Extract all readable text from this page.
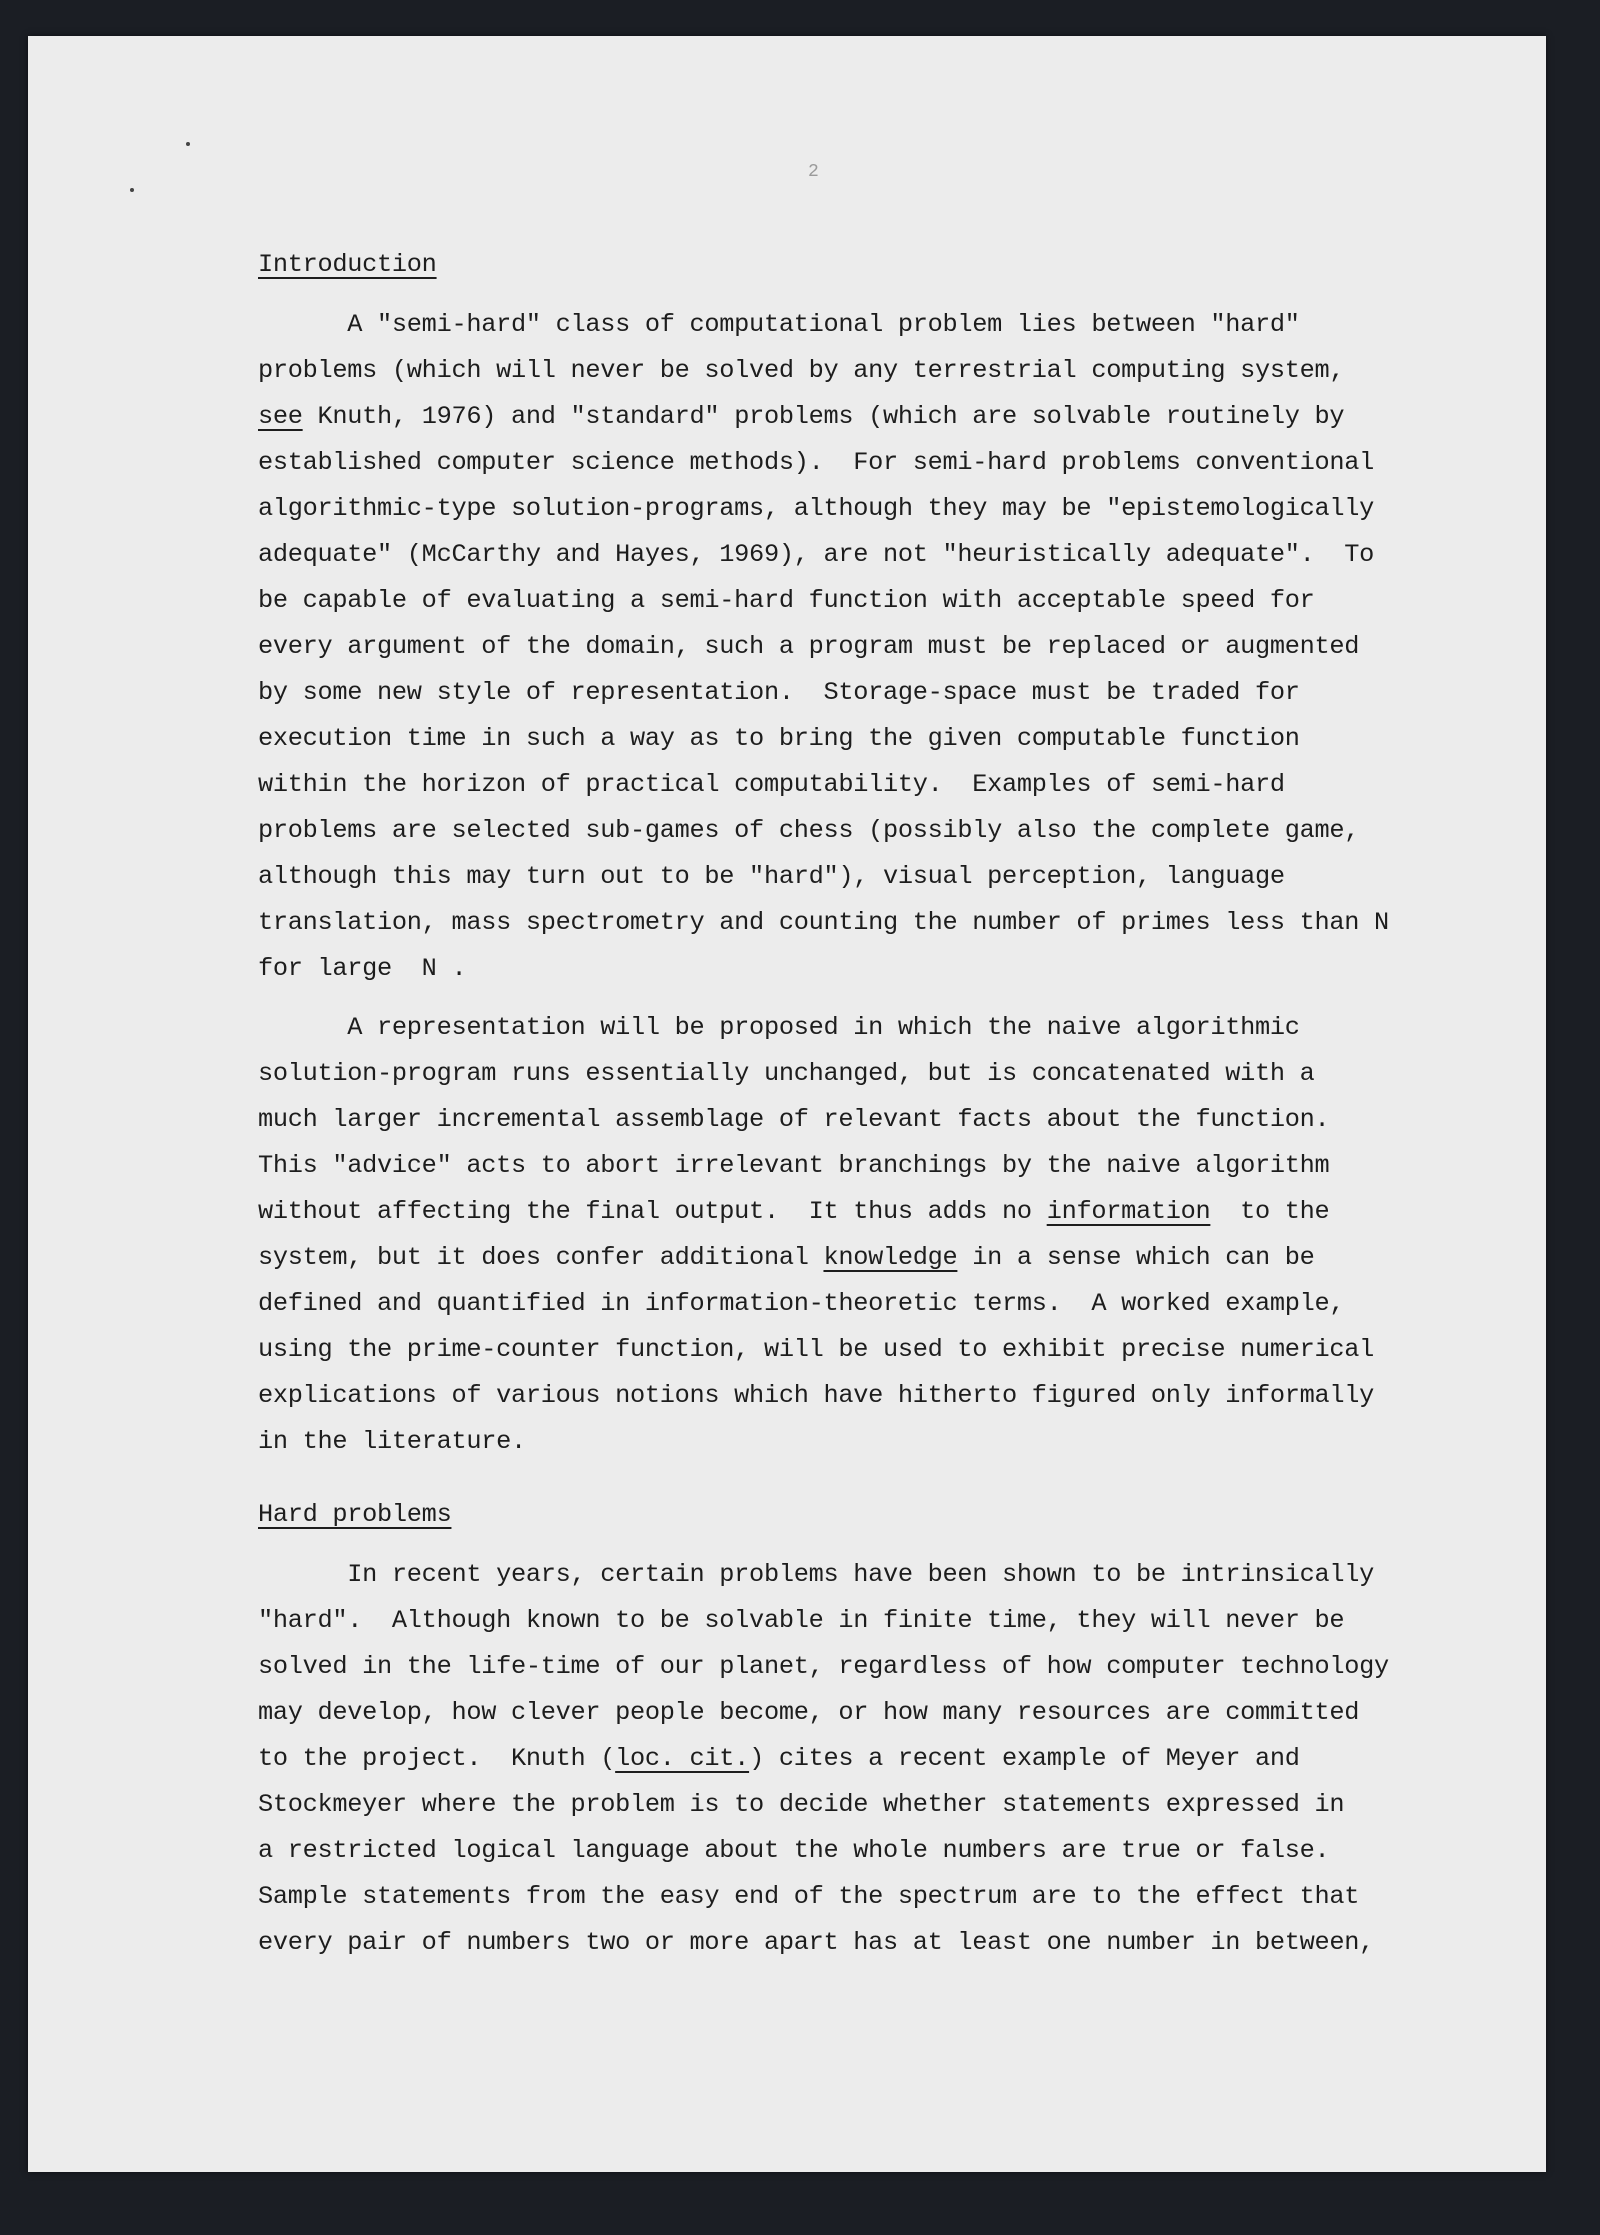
2
Introduction
A "semi-hard" class of computational problem lies between "hard"
problems (which will never be solved by any terrestrial computing system,
see Knuth, 1976) and "standard" problems (which are solvable routinely by
established computer science methods).  For semi-hard problems conventional
algorithmic-type solution-programs, although they may be "epistemologically
adequate" (McCarthy and Hayes, 1969), are not "heuristically adequate".  To
be capable of evaluating a semi-hard function with acceptable speed for
every argument of the domain, such a program must be replaced or augmented
by some new style of representation.  Storage-space must be traded for
execution time in such a way as to bring the given computable function
within the horizon of practical computability.  Examples of semi-hard
problems are selected sub-games of chess (possibly also the complete game,
although this may turn out to be "hard"), visual perception, language
translation, mass spectrometry and counting the number of primes less than N
for large  N .
A representation will be proposed in which the naive algorithmic
solution-program runs essentially unchanged, but is concatenated with a
much larger incremental assemblage of relevant facts about the function.
This "advice" acts to abort irrelevant branchings by the naive algorithm
without affecting the final output.  It thus adds no information  to the
system, but it does confer additional knowledge in a sense which can be
defined and quantified in information-theoretic terms.  A worked example,
using the prime-counter function, will be used to exhibit precise numerical
explications of various notions which have hitherto figured only informally
in the literature.
Hard problems
In recent years, certain problems have been shown to be intrinsically
"hard".  Although known to be solvable in finite time, they will never be
solved in the life-time of our planet, regardless of how computer technology
may develop, how clever people become, or how many resources are committed
to the project.  Knuth (loc. cit.) cites a recent example of Meyer and
Stockmeyer where the problem is to decide whether statements expressed in
a restricted logical language about the whole numbers are true or false.
Sample statements from the easy end of the spectrum are to the effect that
every pair of numbers two or more apart has at least one number in between,
